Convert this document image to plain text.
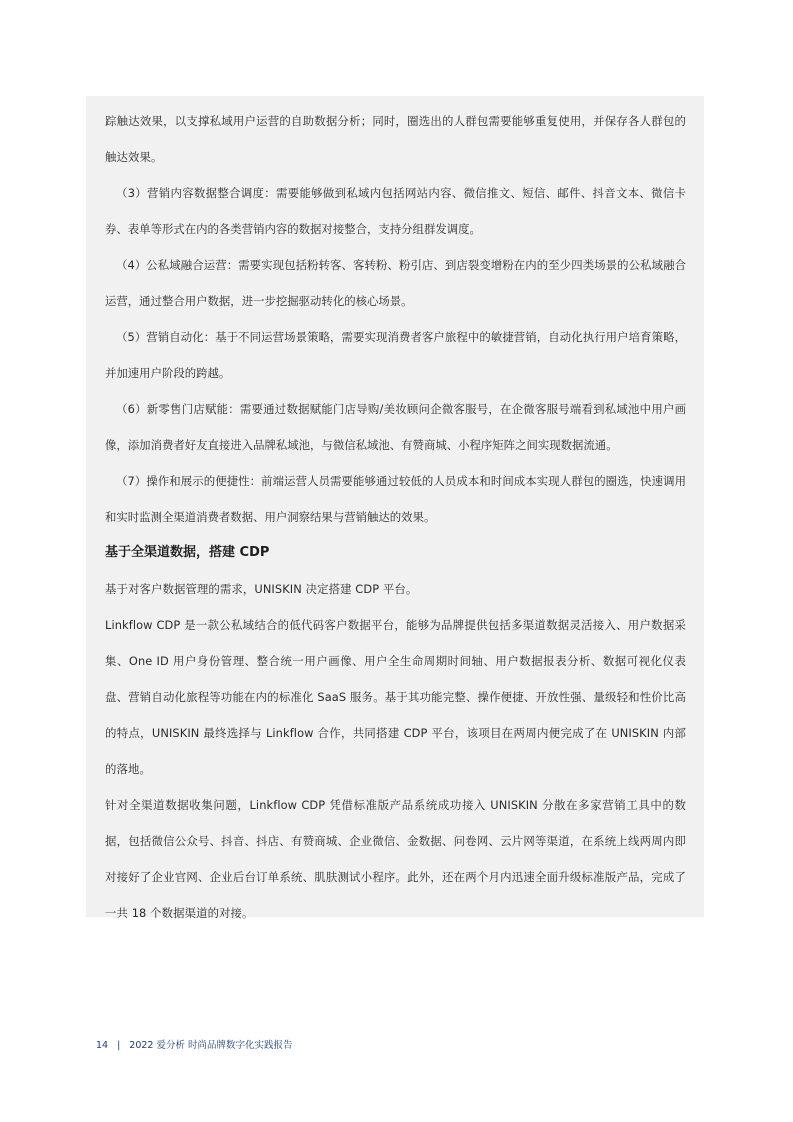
踪触达效果，以支撑私域用户运营的自助数据分析；同时，圈选出的人群包需要能够重复使用，并保存各人群包的触达效果。

（3）营销内容数据整合调度：需要能够做到私域内包括网站内容、微信推文、短信、邮件、抖音文本、微信卡券、表单等形式在内的各类营销内容的数据对接整合，支持分组群发调度。

（4）公私域融合运营：需要实现包括粉转客、客转粉、粉引店、到店裂变增粉在内的至少四类场景的公私域融合运营，通过整合用户数据，进一步挖掘驱动转化的核心场景。

（5）营销自动化：基于不同运营场景策略，需要实现消费者客户旅程中的敏捷营销，自动化执行用户培育策略，并加速用户阶段的跨越。

（6）新零售门店赋能：需要通过数据赋能门店导购/美妆顾问企微客服号，在企微客服号端看到私域池中用户画像，添加消费者好友直接进入品牌私域池，与微信私域池、有赞商城、小程序矩阵之间实现数据流通。

（7）操作和展示的便捷性：前端运营人员需要能够通过较低的人员成本和时间成本实现人群包的圈选，快速调用和实时监测全渠道消费者数据、用户洞察结果与营销触达的效果。

基于全渠道数据，搭建 CDP

基于对客户数据管理的需求，UNISKIN 决定搭建 CDP 平台。

Linkflow CDP 是一款公私域结合的低代码客户数据平台，能够为品牌提供包括多渠道数据灵活接入、用户数据采集、One ID 用户身份管理、整合统一用户画像、用户全生命周期时间轴、用户数据报表分析、数据可视化仪表盘、营销自动化旅程等功能在内的标准化 SaaS 服务。基于其功能完整、操作便捷、开放性强、量级轻和性价比高的特点，UNISKIN 最终选择与 Linkflow 合作，共同搭建 CDP 平台，该项目在两周内便完成了在 UNISKIN 内部的落地。

针对全渠道数据收集问题，Linkflow CDP 凭借标准版产品系统成功接入 UNISKIN 分散在多家营销工具中的数据，包括微信公众号、抖音、抖店、有赞商城、企业微信、金数据、问卷网、云片网等渠道，在系统上线两周内即对接好了企业官网、企业后台订单系统、肌肤测试小程序。此外，还在两个月内迅速全面升级标准版产品，完成了一共 18 个数据渠道的对接。

14 | 2022 爱分析 时尚品牌数字化实践报告
